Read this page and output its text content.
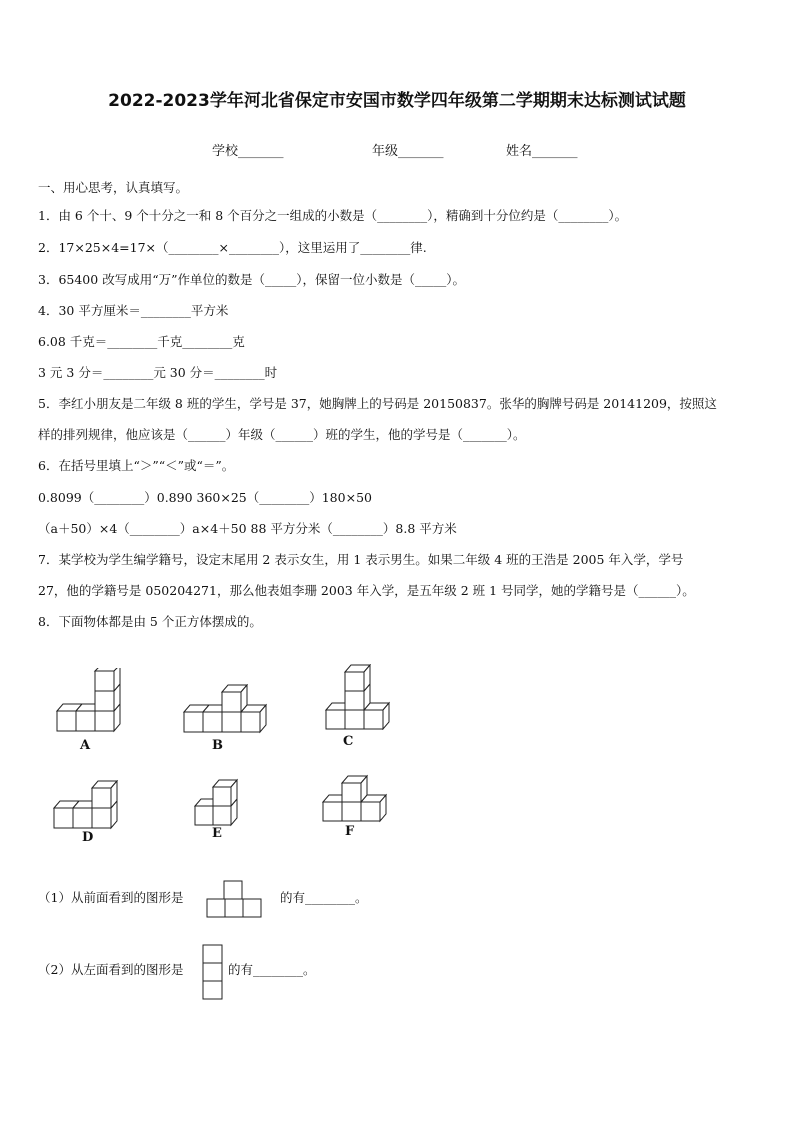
2022-2023学年河北省保定市安国市数学四年级第二学期期末达标测试试题
学校_______	年级_______	姓名_______
一、用心思考，认真填写。
1．由 6 个十、9 个十分之一和 8 个百分之一组成的小数是（________），精确到十分位约是（________）。
2．17×25×4=17×（________×________），这里运用了________律.
3．65400 改写成用“万”作单位的数是（_____），保留一位小数是（_____）。
4．30 平方厘米＝________平方米
6.08 千克＝________千克________克
3 元 3 分＝________元 30 分＝________时
5．李红小朋友是二年级 8 班的学生，学号是 37，她胸牌上的号码是 20150837。张华的胸牌号码是 20141209，按照这
样的排列规律，他应该是（______）年级（______）班的学生，他的学号是（_______）。
6．在括号里填上“＞”“＜”或“＝”。
0.8099（________）0.890 360×25（________）180×50
（a＋50）×4（________）a×4＋50 88 平方分米（________）8.8 平方米
7．某学校为学生编学籍号，设定末尾用 2 表示女生，用 1 表示男生。如果二年级 4 班的王浩是 2005 年入学，学号
27，他的学籍号是 050204271，那么他表姐李珊 2003 年入学，是五年级 2 班 1 号同学，她的学籍号是（______）。
8．下面物体都是由 5 个正方体摆成的。
A	B	C
D	E	F
（1）从前面看到的图形是	的有________。
（2）从左面看到的图形是	的有________。
